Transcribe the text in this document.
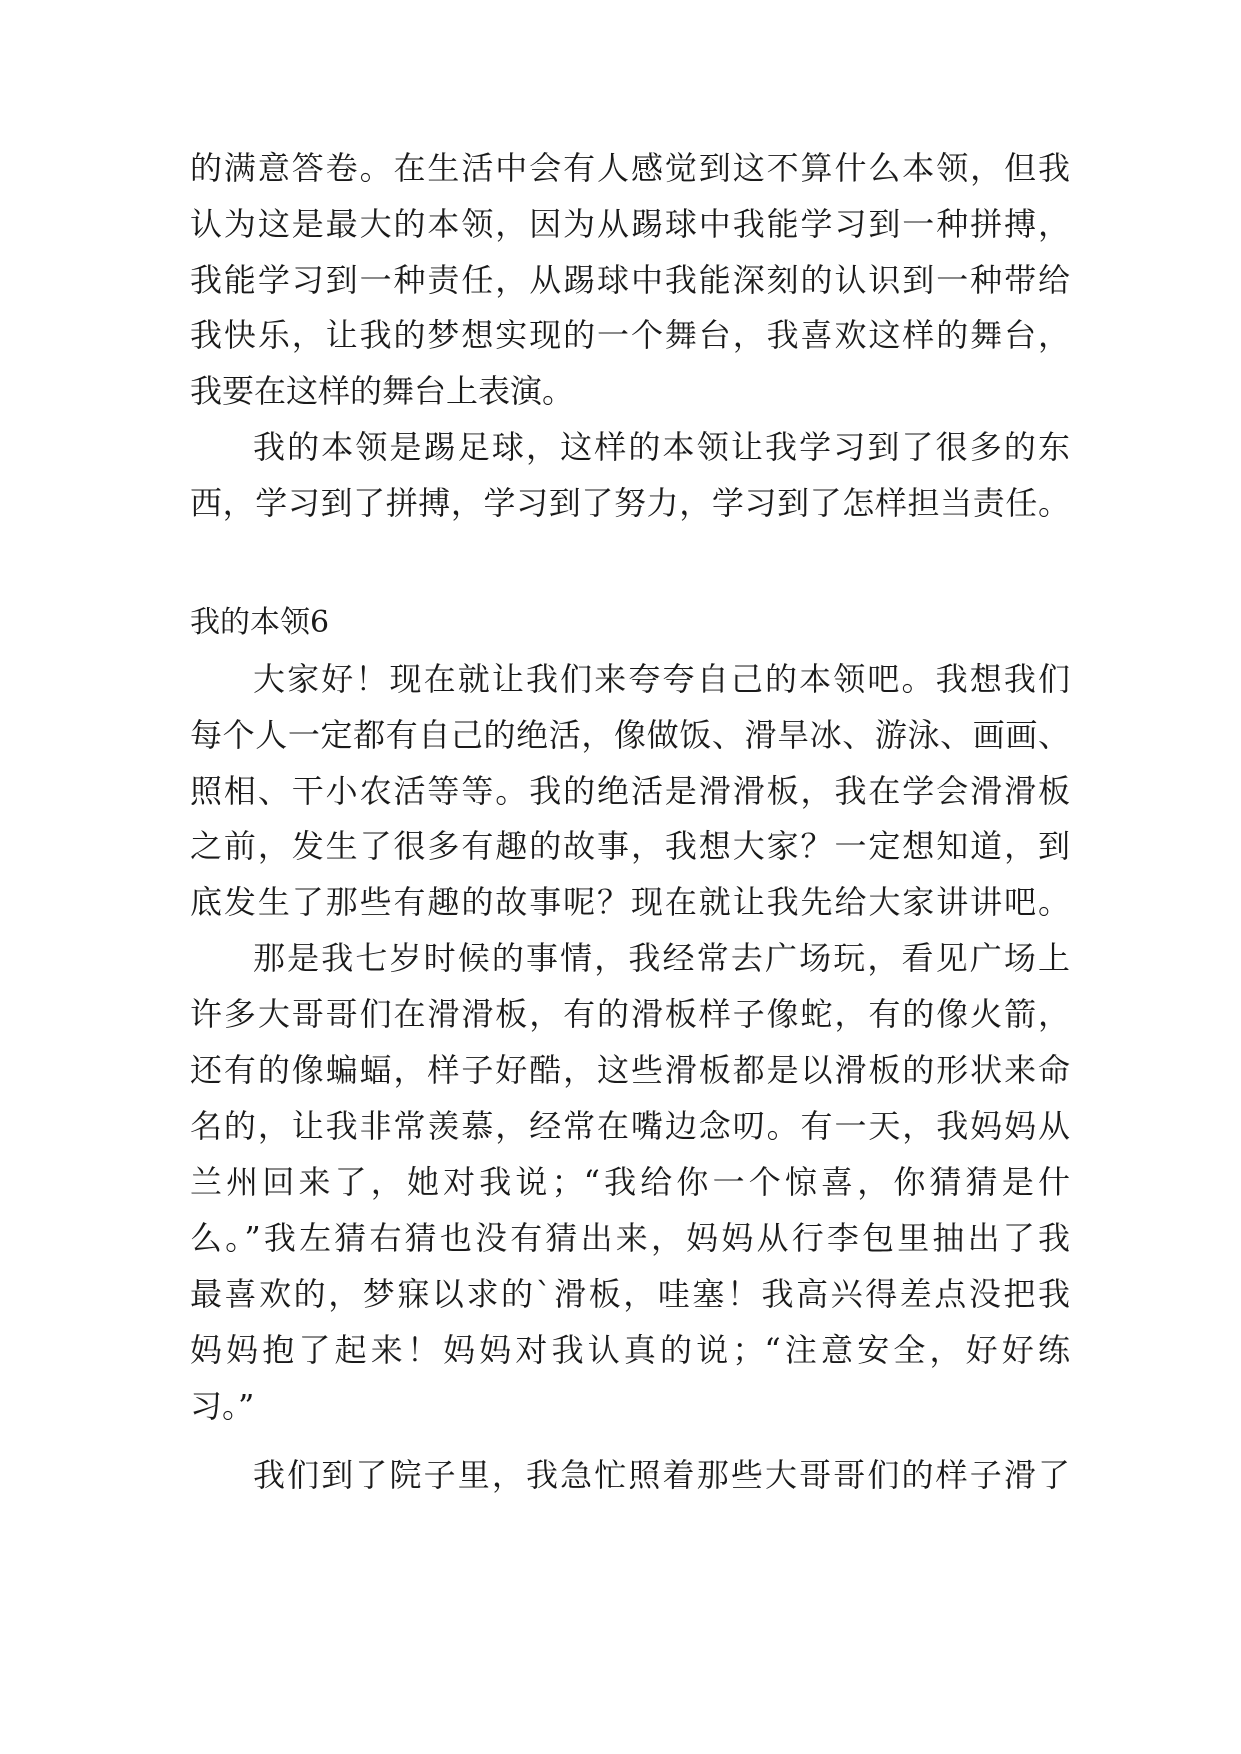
的满意答卷。在生活中会有人感觉到这不算什么本领，但我
认为这是最大的本领，因为从踢球中我能学习到一种拼搏，
我能学习到一种责任，从踢球中我能深刻的认识到一种带给
我快乐，让我的梦想实现的一个舞台，我喜欢这样的舞台，
我要在这样的舞台上表演。
我的本领是踢足球，这样的本领让我学习到了很多的东
西，学习到了拼搏，学习到了努力，学习到了怎样担当责任。
我的本领6
大家好！现在就让我们来夸夸自己的本领吧。我想我们
每个人一定都有自己的绝活，像做饭、滑旱冰、游泳、画画、
照相、干小农活等等。我的绝活是滑滑板，我在学会滑滑板
之前，发生了很多有趣的故事，我想大家？一定想知道，到
底发生了那些有趣的故事呢？现在就让我先给大家讲讲吧。
那是我七岁时候的事情，我经常去广场玩，看见广场上
许多大哥哥们在滑滑板，有的滑板样子像蛇，有的像火箭，
还有的像蝙蝠，样子好酷，这些滑板都是以滑板的形状来命
名的，让我非常羡慕，经常在嘴边念叨。有一天，我妈妈从
兰州回来了，她对我说；“我给你一个惊喜，你猜猜是什
么。”我左猜右猜也没有猜出来，妈妈从行李包里抽出了我
最喜欢的，梦寐以求的`滑板，哇塞！我高兴得差点没把我
妈妈抱了起来！妈妈对我认真的说；“注意安全，好好练
习。”
我们到了院子里，我急忙照着那些大哥哥们的样子滑了
